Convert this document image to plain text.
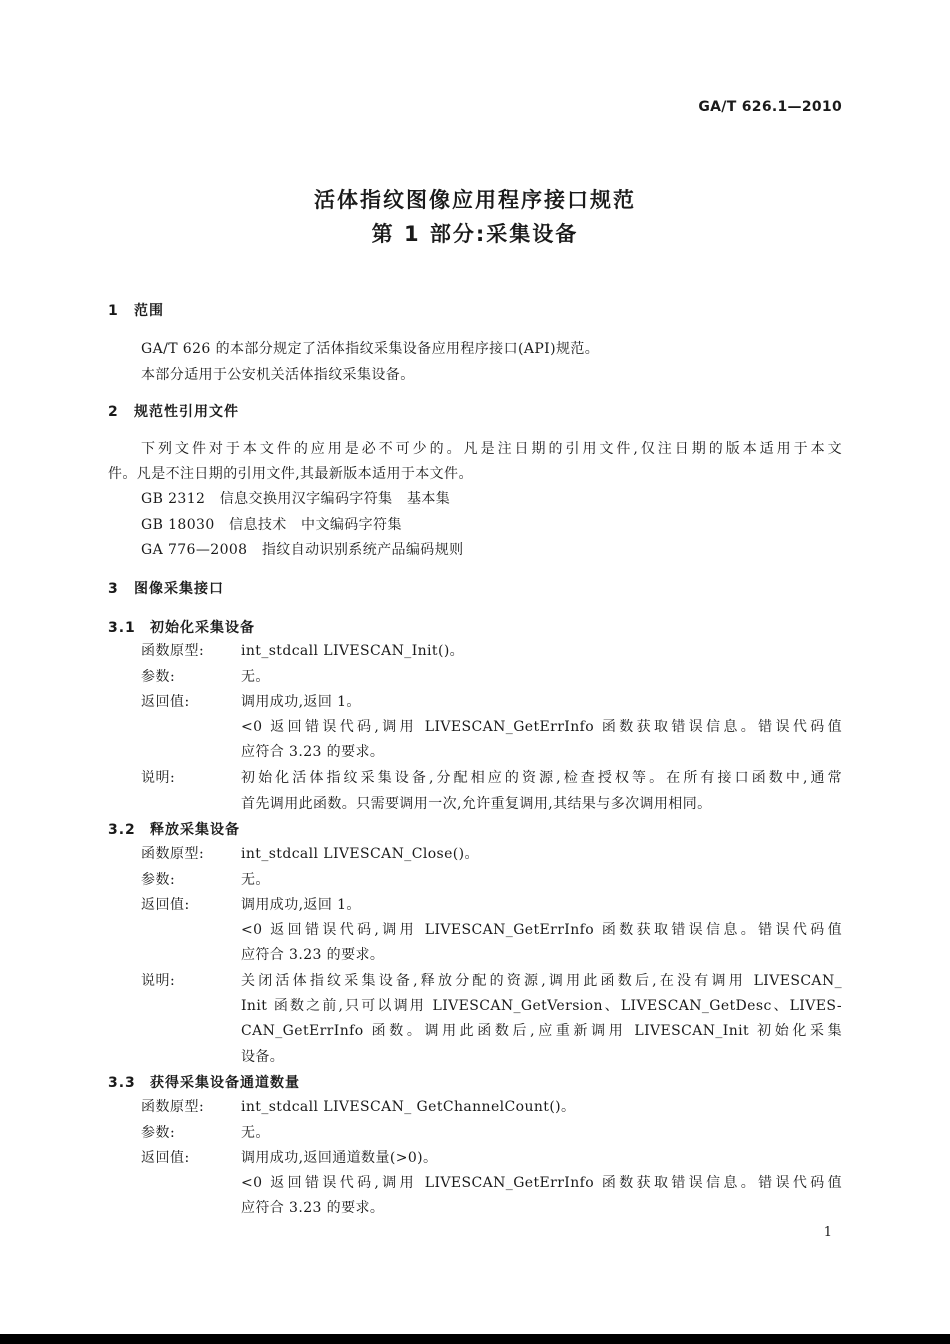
GA/T 626.1—2010
活体指纹图像应用程序接口规范
第 1 部分:采集设备
1 范围
GA/T 626 的本部分规定了活体指纹采集设备应用程序接口(API)规范。
本部分适用于公安机关活体指纹采集设备。
2 规范性引用文件
下列文件对于本文件的应用是必不可少的。凡是注日期的引用文件,仅注日期的版本适用于本文
件。凡是不注日期的引用文件,其最新版本适用于本文件。
GB 2312　信息交换用汉字编码字符集　基本集
GB 18030　信息技术　中文编码字符集
GA 776—2008　指纹自动识别系统产品编码规则
3 图像采集接口
3.1 初始化采集设备
函数原型:	int_stdcall LIVESCAN_Init()。
参数:	无。
返回值:	调用成功,返回 1。
<0 返回错误代码,调用 LIVESCAN_GetErrInfo 函数获取错误信息。错误代码值
应符合 3.23 的要求。
说明:	初始化活体指纹采集设备,分配相应的资源,检查授权等。在所有接口函数中,通常
首先调用此函数。只需要调用一次,允许重复调用,其结果与多次调用相同。
3.2 释放采集设备
函数原型:	int_stdcall LIVESCAN_Close()。
参数:	无。
返回值:	调用成功,返回 1。
<0 返回错误代码,调用 LIVESCAN_GetErrInfo 函数获取错误信息。错误代码值
应符合 3.23 的要求。
说明:	关闭活体指纹采集设备,释放分配的资源,调用此函数后,在没有调用 LIVESCAN_
Init 函数之前,只可以调用 LIVESCAN_GetVersion、LIVESCAN_GetDesc、LIVES-
CAN_GetErrInfo 函数。调用此函数后,应重新调用 LIVESCAN_Init 初始化采集
设备。
3.3 获得采集设备通道数量
函数原型:	int_stdcall LIVESCAN_ GetChannelCount()。
参数:	无。
返回值:	调用成功,返回通道数量(>0)。
<0 返回错误代码,调用 LIVESCAN_GetErrInfo 函数获取错误信息。错误代码值
应符合 3.23 的要求。
1
